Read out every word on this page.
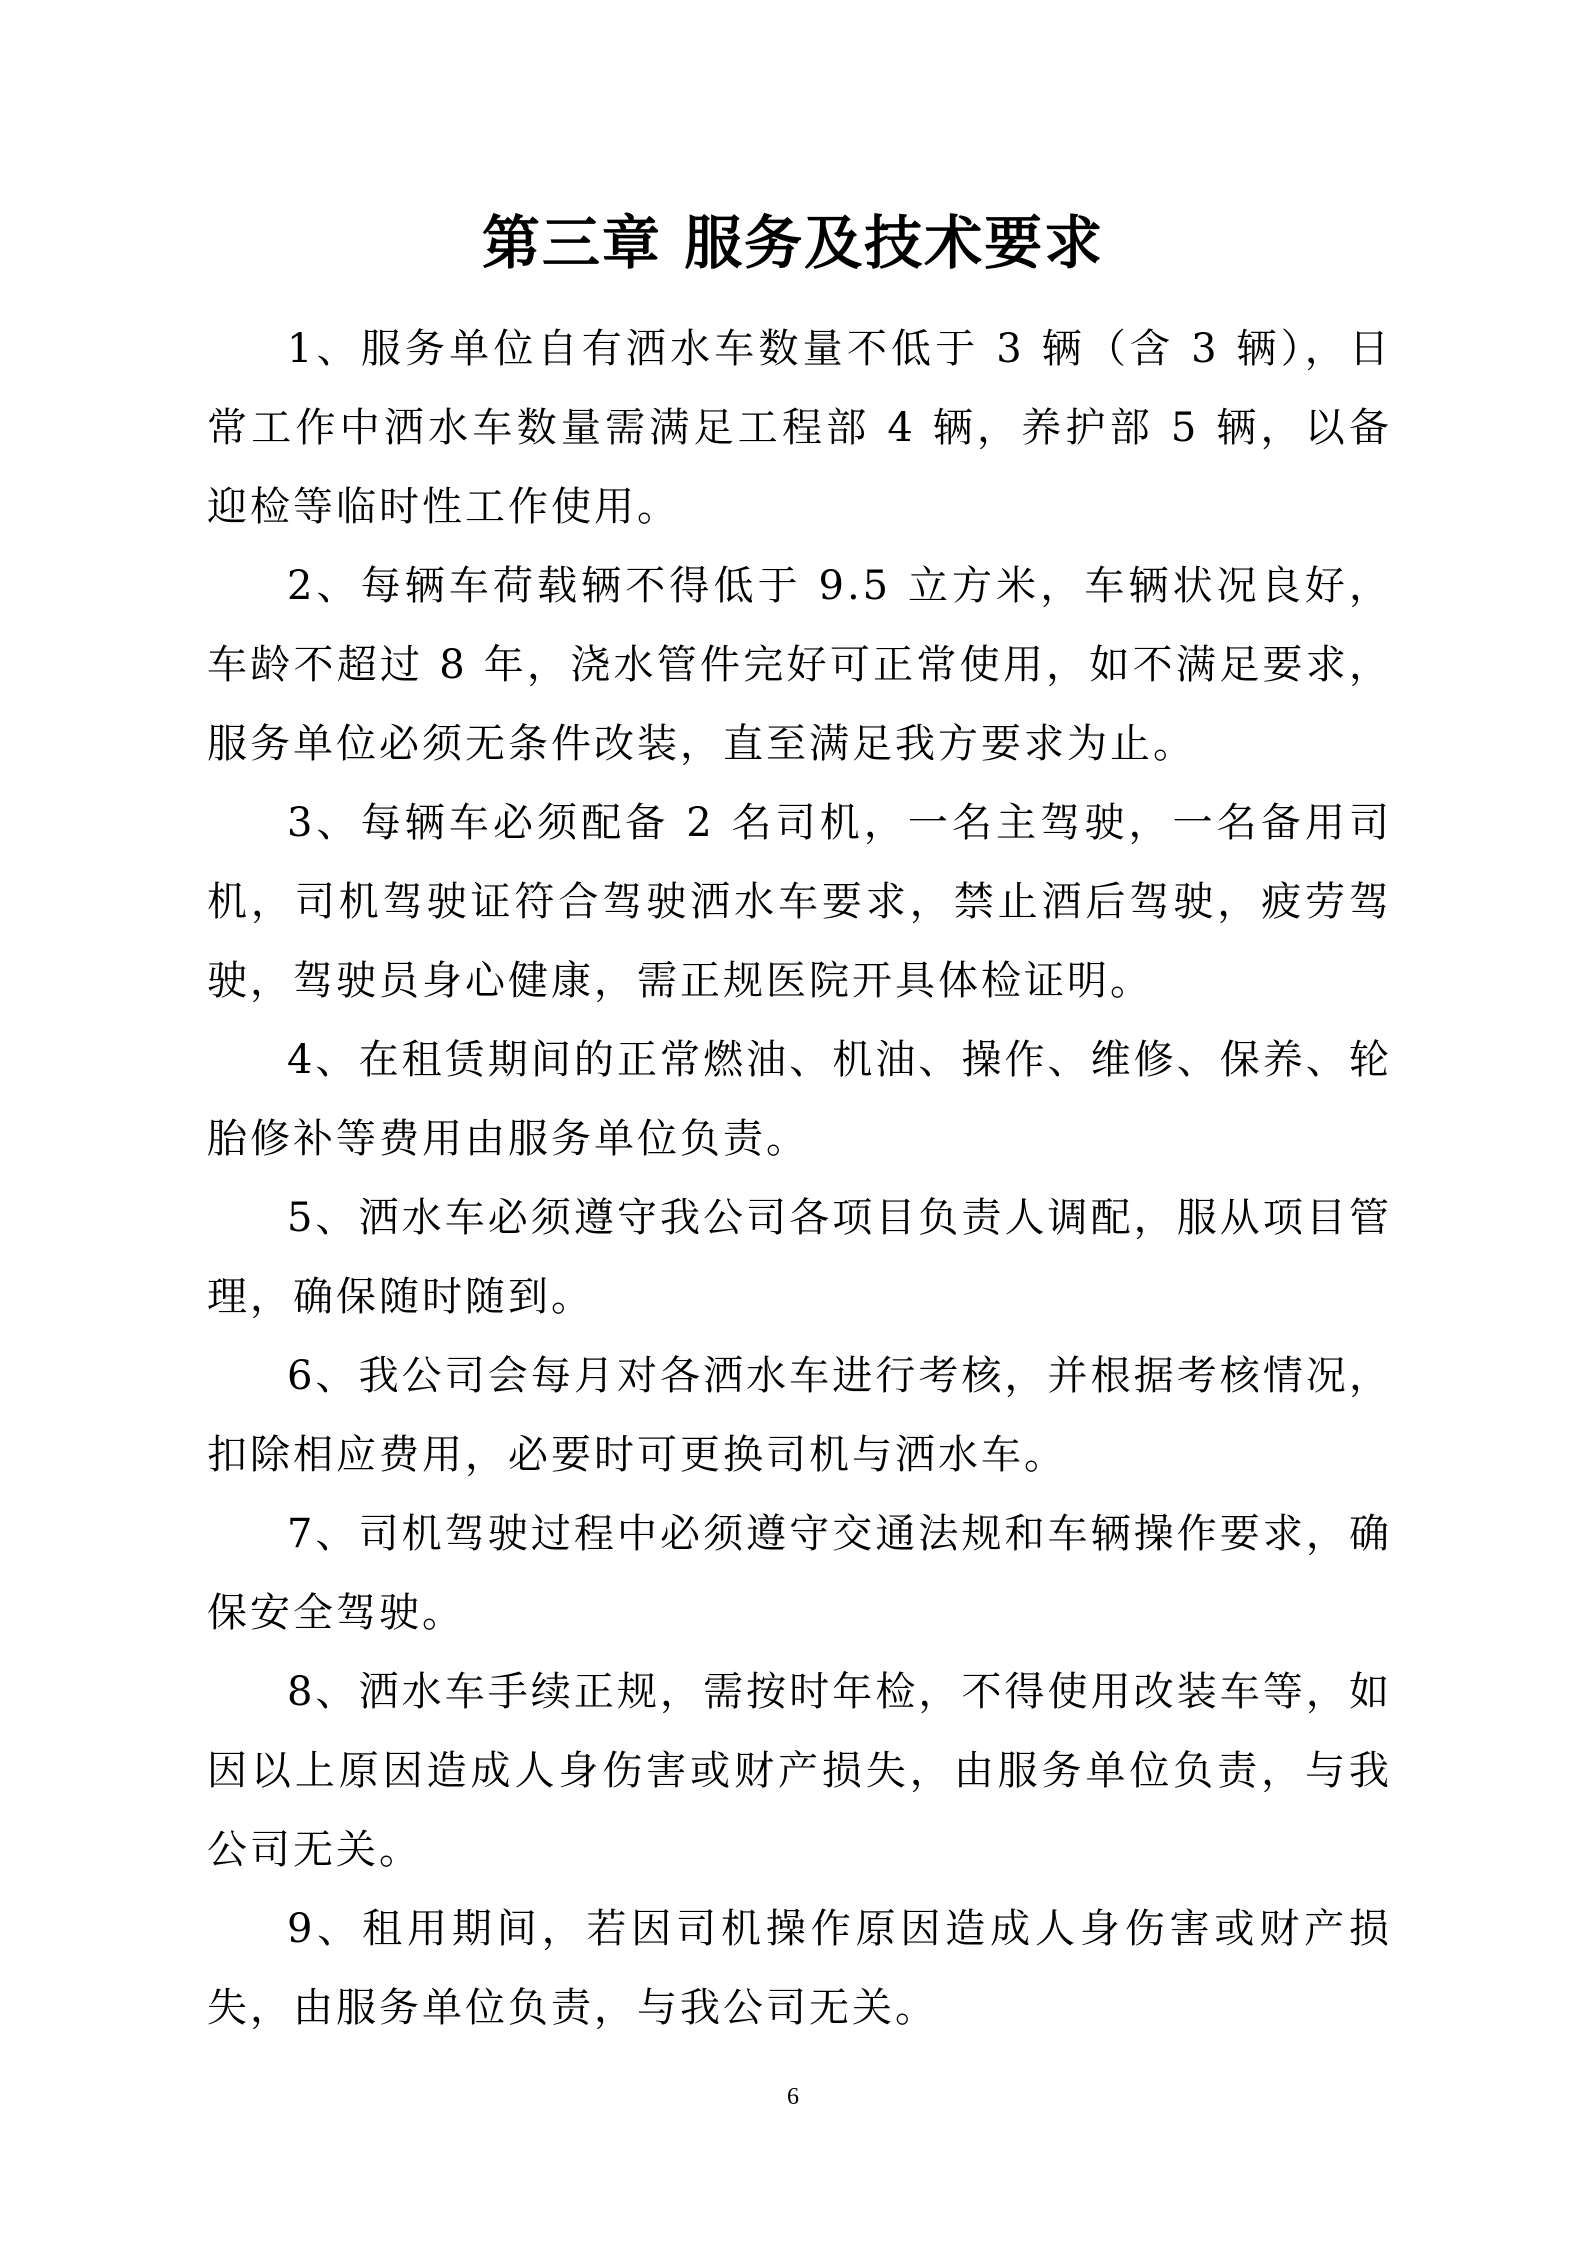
第三章 服务及技术要求

1、服务单位自有洒水车数量不低于 3 辆（含 3 辆），日常工作中洒水车数量需满足工程部 4 辆，养护部 5 辆，以备迎检等临时性工作使用。

2、每辆车荷载辆不得低于 9.5 立方米，车辆状况良好，车龄不超过 8 年，浇水管件完好可正常使用，如不满足要求，服务单位必须无条件改装，直至满足我方要求为止。

3、每辆车必须配备 2 名司机，一名主驾驶，一名备用司机，司机驾驶证符合驾驶洒水车要求，禁止酒后驾驶，疲劳驾驶，驾驶员身心健康，需正规医院开具体检证明。

4、在租赁期间的正常燃油、机油、操作、维修、保养、轮胎修补等费用由服务单位负责。

5、洒水车必须遵守我公司各项目负责人调配，服从项目管理，确保随时随到。

6、我公司会每月对各洒水车进行考核，并根据考核情况，扣除相应费用，必要时可更换司机与洒水车。

7、司机驾驶过程中必须遵守交通法规和车辆操作要求，确保安全驾驶。

8、洒水车手续正规，需按时年检，不得使用改装车等，如因以上原因造成人身伤害或财产损失，由服务单位负责，与我公司无关。

9、租用期间，若因司机操作原因造成人身伤害或财产损失，由服务单位负责，与我公司无关。

6
